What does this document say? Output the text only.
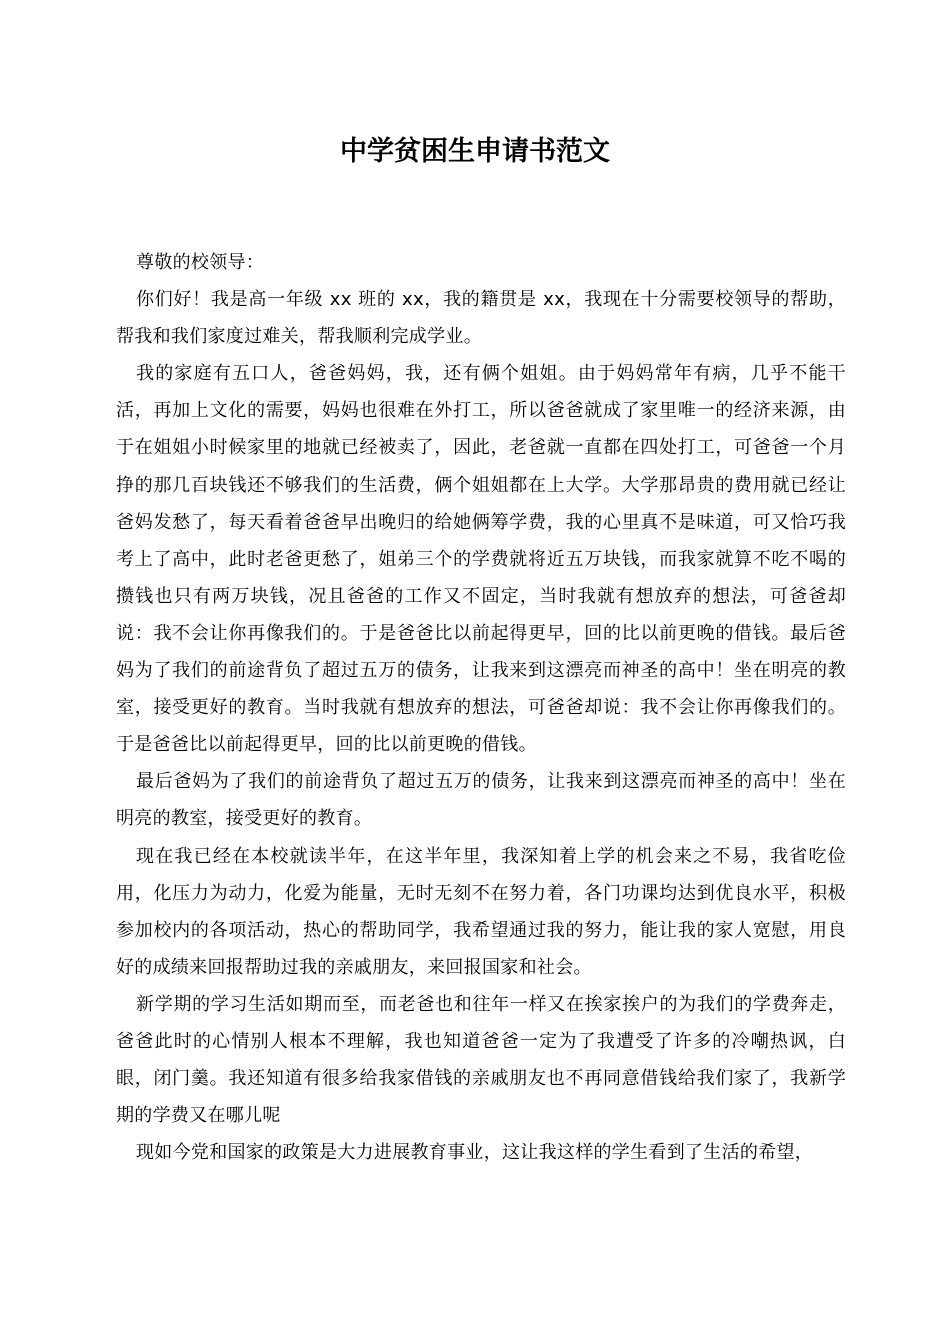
中学贫困生申请书范文

尊敬的校领导：

你们好！我是高一年级 xx 班的 xx，我的籍贯是 xx，我现在十分需要校领导的帮助，帮我和我们家度过难关，帮我顺利完成学业。

我的家庭有五口人，爸爸妈妈，我，还有俩个姐姐。由于妈妈常年有病，几乎不能干活，再加上文化的需要，妈妈也很难在外打工，所以爸爸就成了家里唯一的经济来源，由于在姐姐小时候家里的地就已经被卖了，因此，老爸就一直都在四处打工，可爸爸一个月挣的那几百块钱还不够我们的生活费，俩个姐姐都在上大学。大学那昂贵的费用就已经让爸妈发愁了，每天看着爸爸早出晚归的给她俩筹学费，我的心里真不是味道，可又恰巧我考上了高中，此时老爸更愁了，姐弟三个的学费就将近五万块钱，而我家就算不吃不喝的攒钱也只有两万块钱，况且爸爸的工作又不固定，当时我就有想放弃的想法，可爸爸却说：我不会让你再像我们的。于是爸爸比以前起得更早，回的比以前更晚的借钱。最后爸妈为了我们的前途背负了超过五万的债务，让我来到这漂亮而神圣的高中！坐在明亮的教室，接受更好的教育。当时我就有想放弃的想法，可爸爸却说：我不会让你再像我们的。于是爸爸比以前起得更早，回的比以前更晚的借钱。

最后爸妈为了我们的前途背负了超过五万的债务，让我来到这漂亮而神圣的高中！坐在明亮的教室，接受更好的教育。

现在我已经在本校就读半年，在这半年里，我深知着上学的机会来之不易，我省吃俭用，化压力为动力，化爱为能量，无时无刻不在努力着，各门功课均达到优良水平，积极参加校内的各项活动，热心的帮助同学，我希望通过我的努力，能让我的家人宽慰，用良好的成绩来回报帮助过我的亲戚朋友，来回报国家和社会。

新学期的学习生活如期而至，而老爸也和往年一样又在挨家挨户的为我们的学费奔走，爸爸此时的心情别人根本不理解，我也知道爸爸一定为了我遭受了许多的冷嘲热讽，白眼，闭门羹。我还知道有很多给我家借钱的亲戚朋友也不再同意借钱给我们家了，我新学期的学费又在哪儿呢

现如今党和国家的政策是大力进展教育事业，这让我这样的学生看到了生活的希望，
